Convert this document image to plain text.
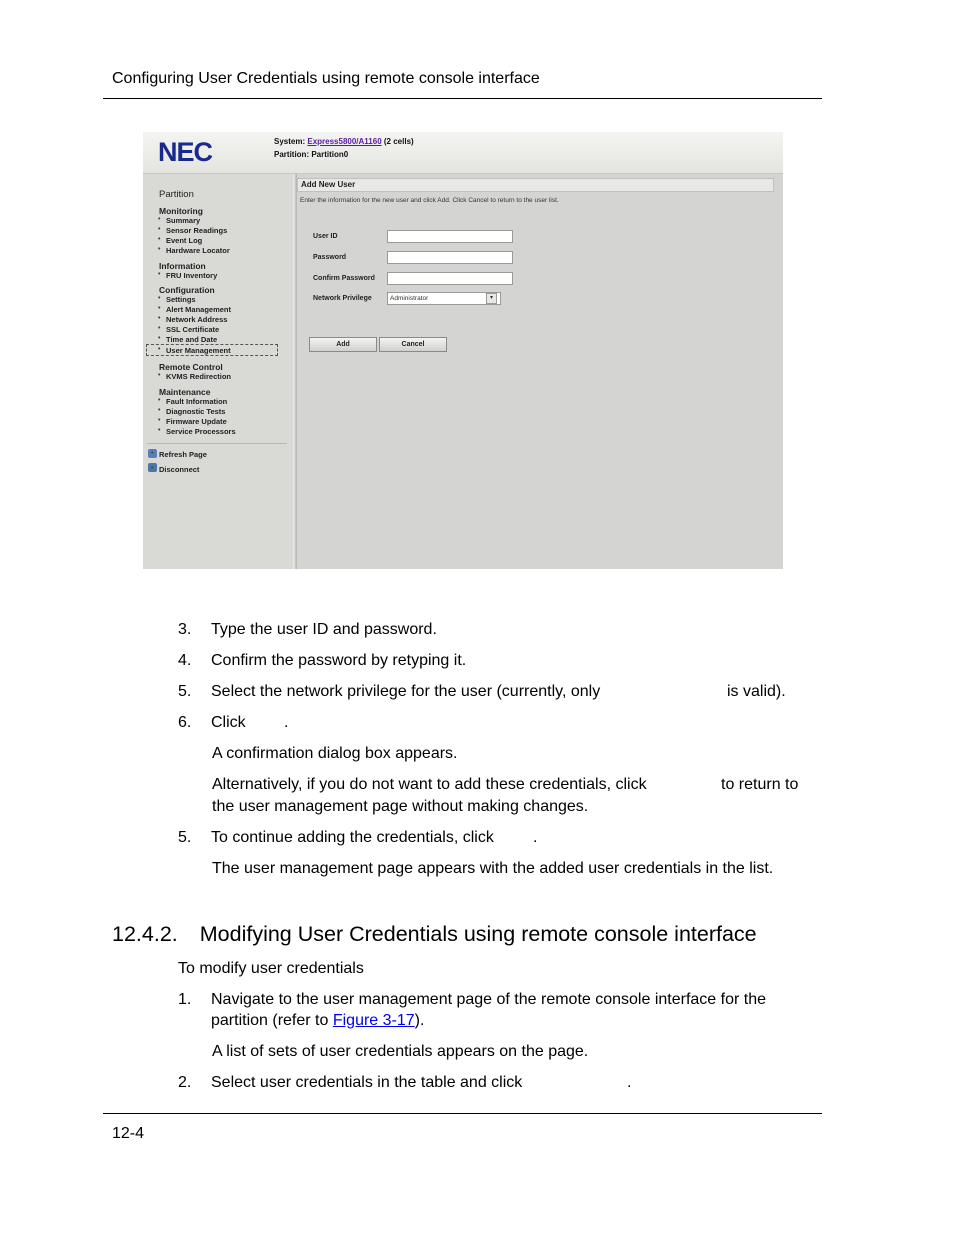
Configuring User Credentials using remote console interface
NEC	System: Express5800/A1160 (2 cells)
Partition: Partition0
Partition
Monitoring
• Summary
• Sensor Readings
• Event Log
• Hardware Locator
Information
• FRU Inventory
Configuration
• Settings
• Alert Management
• Network Address
• SSL Certificate
• Time and Date
• User Management
Remote Control
• KVMS Redirection
Maintenance
• Fault Information
• Diagnostic Tests
• Firmware Update
• Service Processors
• Refresh Page
• Disconnect
Add New User
Enter the information for the new user and click Add. Click Cancel to return to the user list.
User ID
Password
Confirm Password
Network Privilege	Administrator	▾
Add	Cancel
3. Type the user ID and password.
4. Confirm the password by retyping it.
5. Select the network privilege for the user (currently, only	is valid).
6. Click .
A confirmation dialog box appears.
Alternatively, if you do not want to add these credentials, click	to return to
the user management page without making changes.
5. To continue adding the credentials, click .
The user management page appears with the added user credentials in the list.
12.4.2. Modifying User Credentials using remote console interface
To modify user credentials
1. Navigate to the user management page of the remote console interface for the
partition (refer to Figure 3-17).
A list of sets of user credentials appears on the page.
2. Select user credentials in the table and click	.
12-4
